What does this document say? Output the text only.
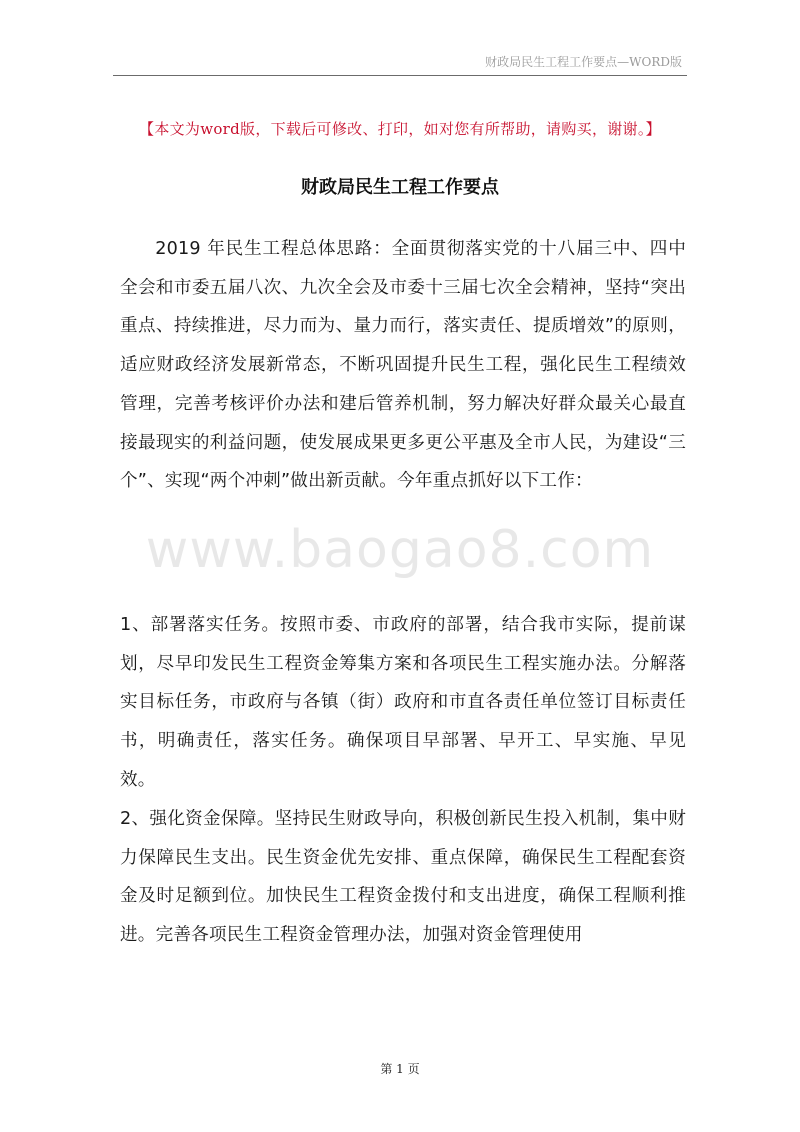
财政局民生工程工作要点—WORD版
【本文为word版，下载后可修改、打印，如对您有所帮助，请购买，谢谢。】
财政局民生工程工作要点

2019 年民生工程总体思路：全面贯彻落实党的十八届三中、四中全会和市委五届八次、九次全会及市委十三届七次全会精神，坚持“突出重点、持续推进，尽力而为、量力而行，落实责任、提质增效”的原则，适应财政经济发展新常态，不断巩固提升民生工程，强化民生工程绩效管理，完善考核评价办法和建后管养机制，努力解决好群众最关心最直接最现实的利益问题，使发展成果更多更公平惠及全市人民，为建设“三个”、实现“两个冲刺”做出新贡献。今年重点抓好以下工作：

www.baogao8.com

1、部署落实任务。按照市委、市政府的部署，结合我市实际，提前谋划，尽早印发民生工程资金筹集方案和各项民生工程实施办法。分解落实目标任务，市政府与各镇（街）政府和市直各责任单位签订目标责任书，明确责任，落实任务。确保项目早部署、早开工、早实施、早见效。

2、强化资金保障。坚持民生财政导向，积极创新民生投入机制，集中财力保障民生支出。民生资金优先安排、重点保障，确保民生工程配套资金及时足额到位。加快民生工程资金拨付和支出进度，确保工程顺利推进。完善各项民生工程资金管理办法，加强对资金管理使用

第 1 页
